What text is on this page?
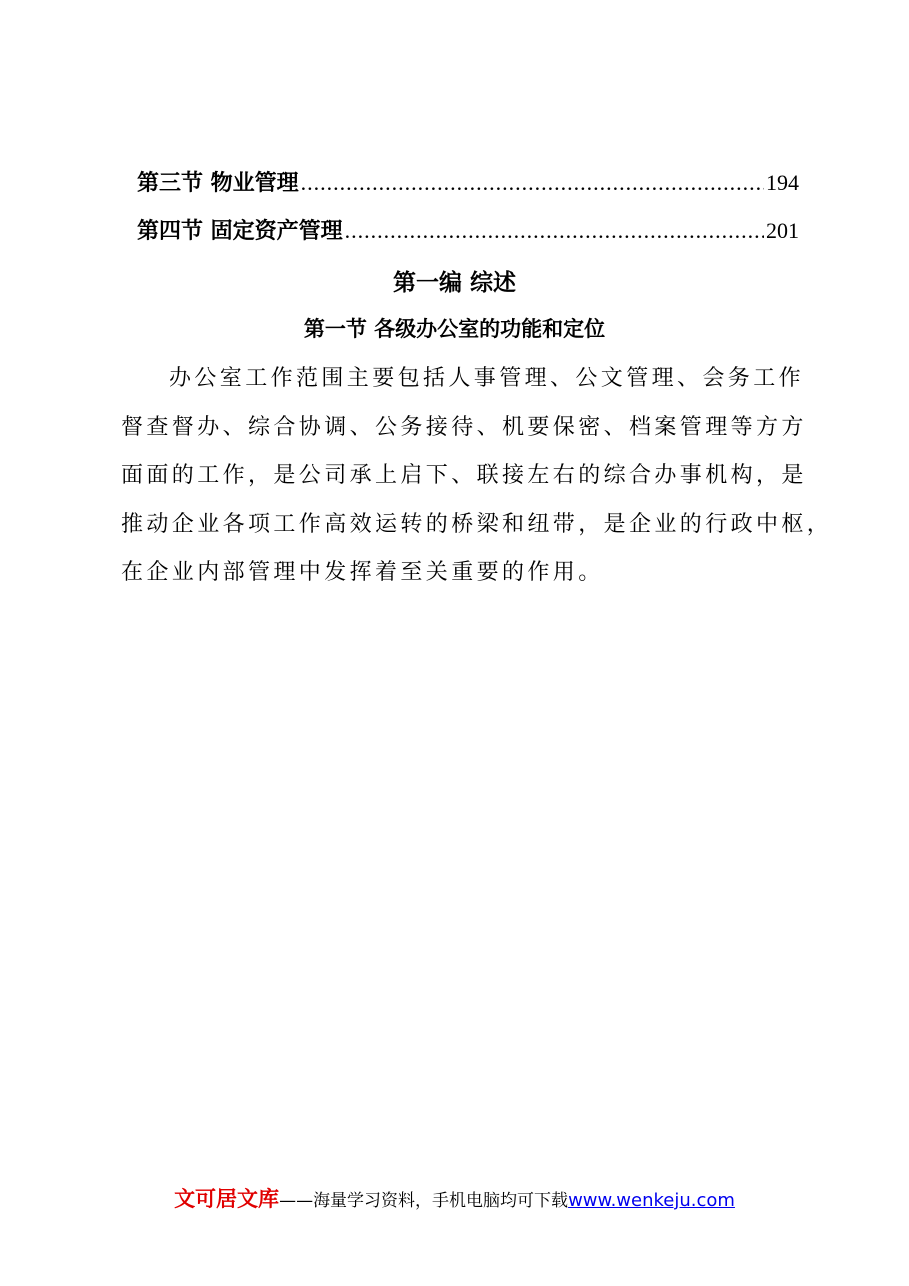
第三节 物业管理 .....	194
第四节 固定资产管理 .....	201
第一编 综述
第一节 各级办公室的功能和定位
办公室工作范围主要包括人事管理、公文管理、会务工作
督查督办、综合协调、公务接待、机要保密、档案管理等方方
面面的工作，是公司承上启下、联接左右的综合办事机构，是
推动企业各项工作高效运转的桥梁和纽带，是企业的行政中枢，
在企业内部管理中发挥着至关重要的作用。
文可居文库——海量学习资料，手机电脑均可下载www.wenkeju.com
